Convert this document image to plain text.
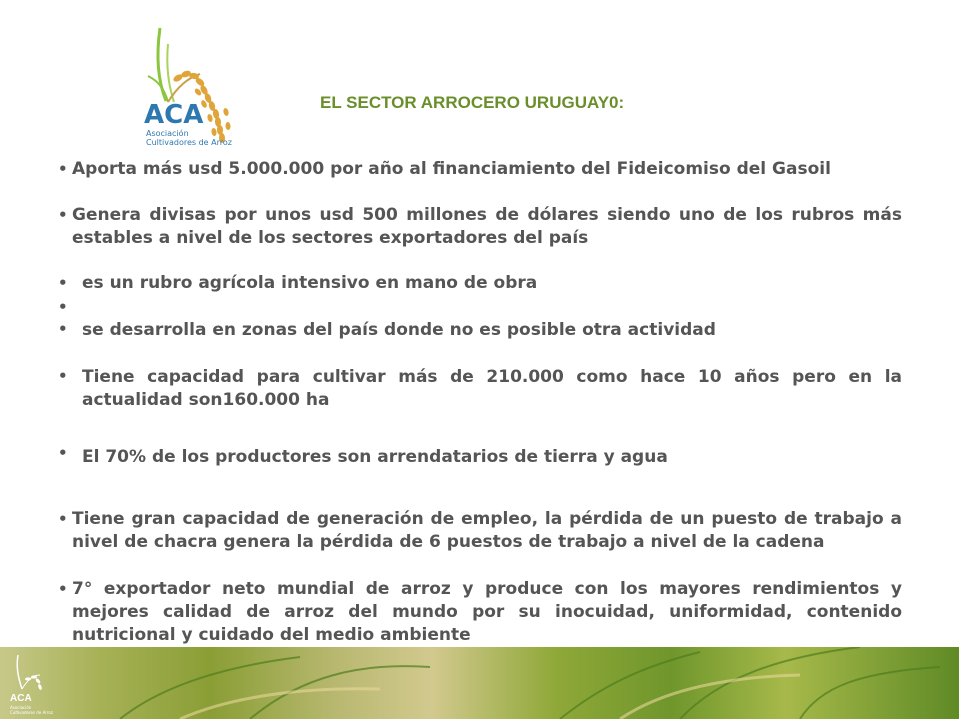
ACA
Asociación
Cultivadores de Arroz
EL SECTOR ARROCERO URUGUAY0:
• Aporta más usd 5.000.000 por año al financiamiento del Fideicomiso del Gasoil
• Genera divisas por unos usd 500 millones de dólares siendo uno de los rubros más estables a nivel de los sectores exportadores del país
• es un rubro agrícola intensivo en mano de obra
•
• se desarrolla en zonas del país donde no es posible otra actividad
• Tiene capacidad para cultivar más de 210.000 como hace 10 años pero en la actualidad son160.000 ha
• El 70% de los productores son arrendatarios de tierra y agua
• Tiene gran capacidad de generación de empleo, la pérdida de un puesto de trabajo a nivel de chacra genera la pérdida de 6 puestos de trabajo a nivel de la cadena
• 7° exportador neto mundial de arroz y produce con los mayores rendimientos y mejores calidad de arroz del mundo por su inocuidad, uniformidad, contenido nutricional y cuidado del medio ambiente
ACA
Asociación
Cultivadores de Arroz
